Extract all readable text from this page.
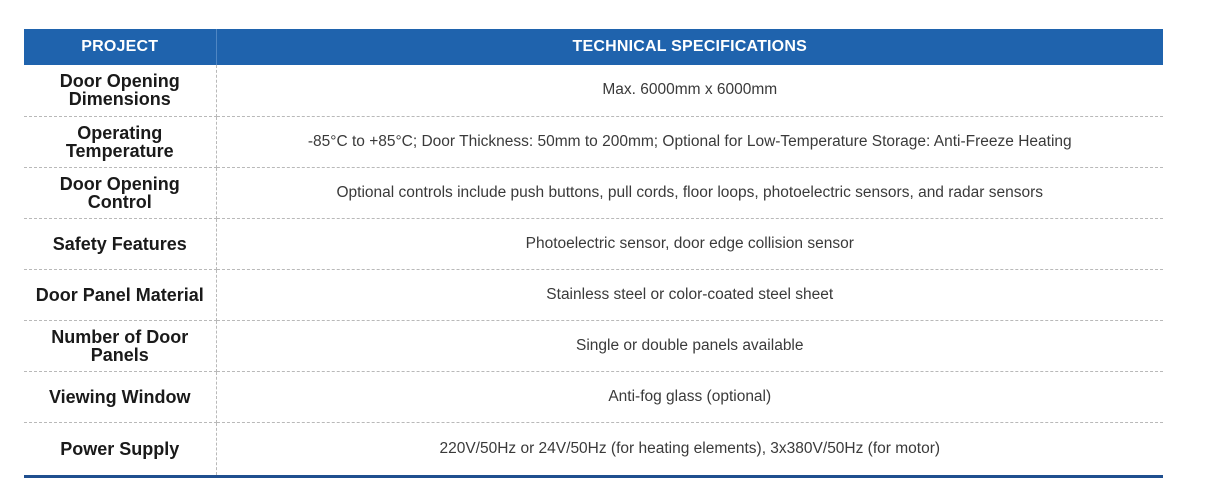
PROJECT	TECHNICAL SPECIFICATIONS
Door Opening Dimensions	Max. 6000mm x 6000mm
Operating Temperature	-85°C to +85°C; Door Thickness: 50mm to 200mm; Optional for Low-Temperature Storage: Anti-Freeze Heating
Door Opening Control	Optional controls include push buttons, pull cords, floor loops, photoelectric sensors, and radar sensors
Safety Features	Photoelectric sensor, door edge collision sensor
Door Panel Material	Stainless steel or color-coated steel sheet
Number of Door Panels	Single or double panels available
Viewing Window	Anti-fog glass (optional)
Power Supply	220V/50Hz or 24V/50Hz (for heating elements), 3x380V/50Hz (for motor)
